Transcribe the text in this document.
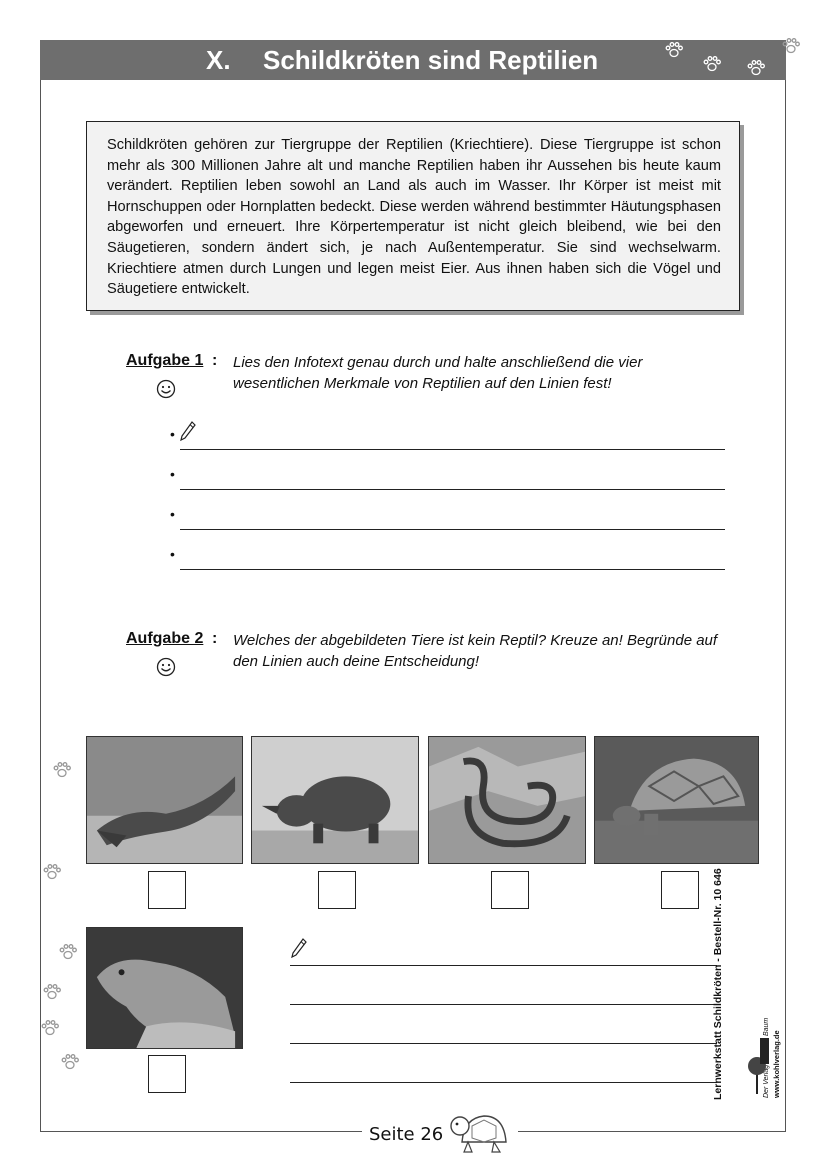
X. Schildkröten sind Reptilien
Schildkröten gehören zur Tiergruppe der Reptilien (Kriechtiere). Diese Tiergruppe ist schon mehr als 300 Millionen Jahre alt und manche Reptilien haben ihr Aussehen bis heute kaum verändert. Reptilien leben sowohl an Land als auch im Wasser. Ihr Körper ist meist mit Hornschuppen oder Hornplatten bedeckt. Diese werden während bestimmter Häutungsphasen abgeworfen und erneuert. Ihre Körpertemperatur ist nicht gleich bleibend, wie bei den Säugetieren, sondern ändert sich, je nach Außentemperatur. Sie sind wechselwarm. Kriechtiere atmen durch Lungen und legen meist Eier. Aus ihnen haben sich die Vögel und Säugetiere entwickelt.
Aufgabe 1 : Lies den Infotext genau durch und halte anschließend die vier wesentlichen Merkmale von Reptilien auf den Linien fest!
•
•
•
•
Aufgabe 2 : Welches der abgebildeten Tiere ist kein Reptil? Kreuze an! Begründe auf den Linien auch deine Entscheidung!
Lernwerkstatt Schildkröten - Bestell-Nr. 10 646	www.kohlverlag.de
Seite 26
